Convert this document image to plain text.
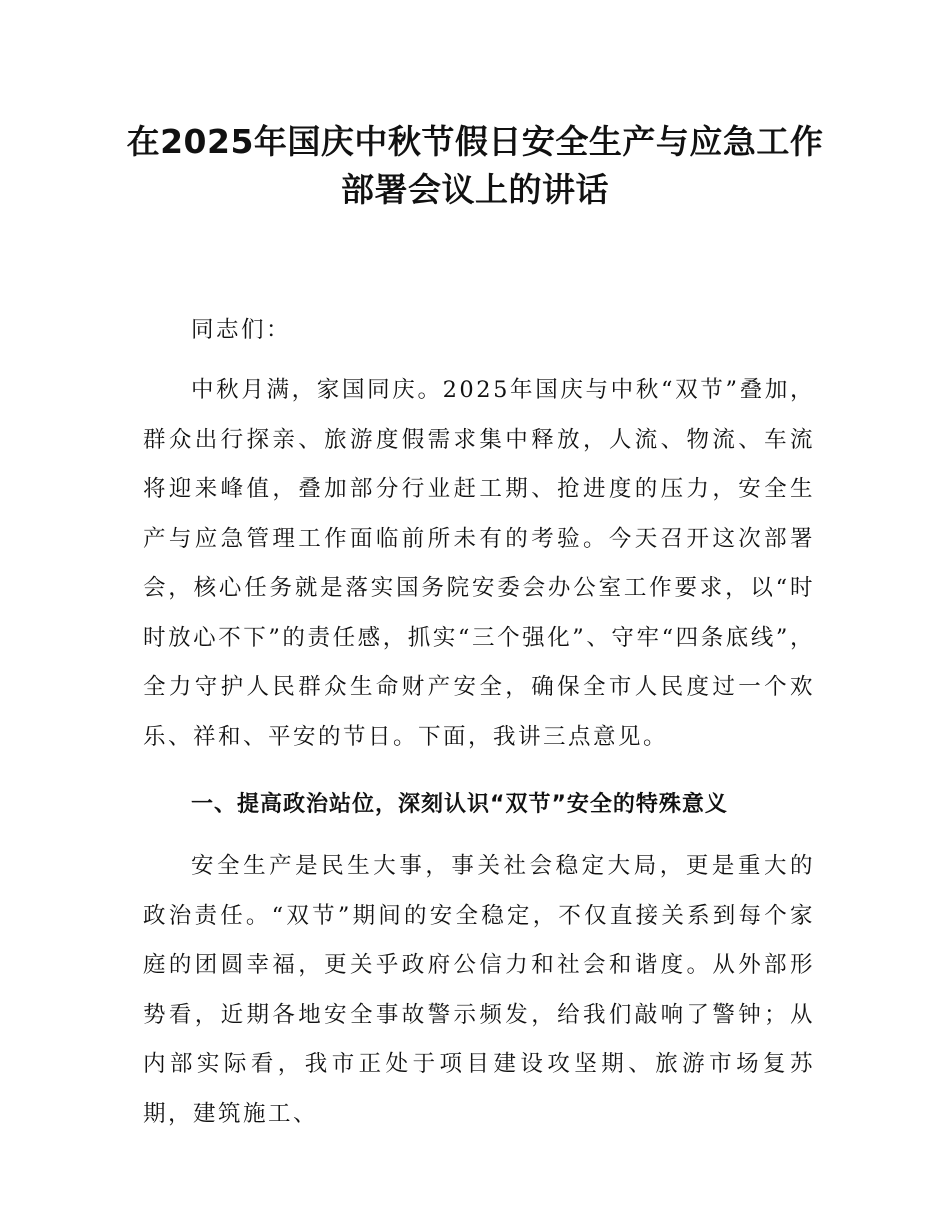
在2025年国庆中秋节假日安全生产与应急工作部署会议上的讲话
同志们：
中秋月满，家国同庆。2025年国庆与中秋“双节”叠加，群众出行探亲、旅游度假需求集中释放，人流、物流、车流将迎来峰值，叠加部分行业赶工期、抢进度的压力，安全生产与应急管理工作面临前所未有的考验。今天召开这次部署会，核心任务就是落实国务院安委会办公室工作要求，以“时时放心不下”的责任感，抓实“三个强化”、守牢“四条底线”，全力守护人民群众生命财产安全，确保全市人民度过一个欢乐、祥和、平安的节日。下面，我讲三点意见。
一、提高政治站位，深刻认识“双节”安全的特殊意义
安全生产是民生大事，事关社会稳定大局，更是重大的政治责任。“双节”期间的安全稳定，不仅直接关系到每个家庭的团圆幸福，更关乎政府公信力和社会和谐度。从外部形势看，近期各地安全事故警示频发，给我们敲响了警钟；从内部实际看，我市正处于项目建设攻坚期、旅游市场复苏期，建筑施工、
